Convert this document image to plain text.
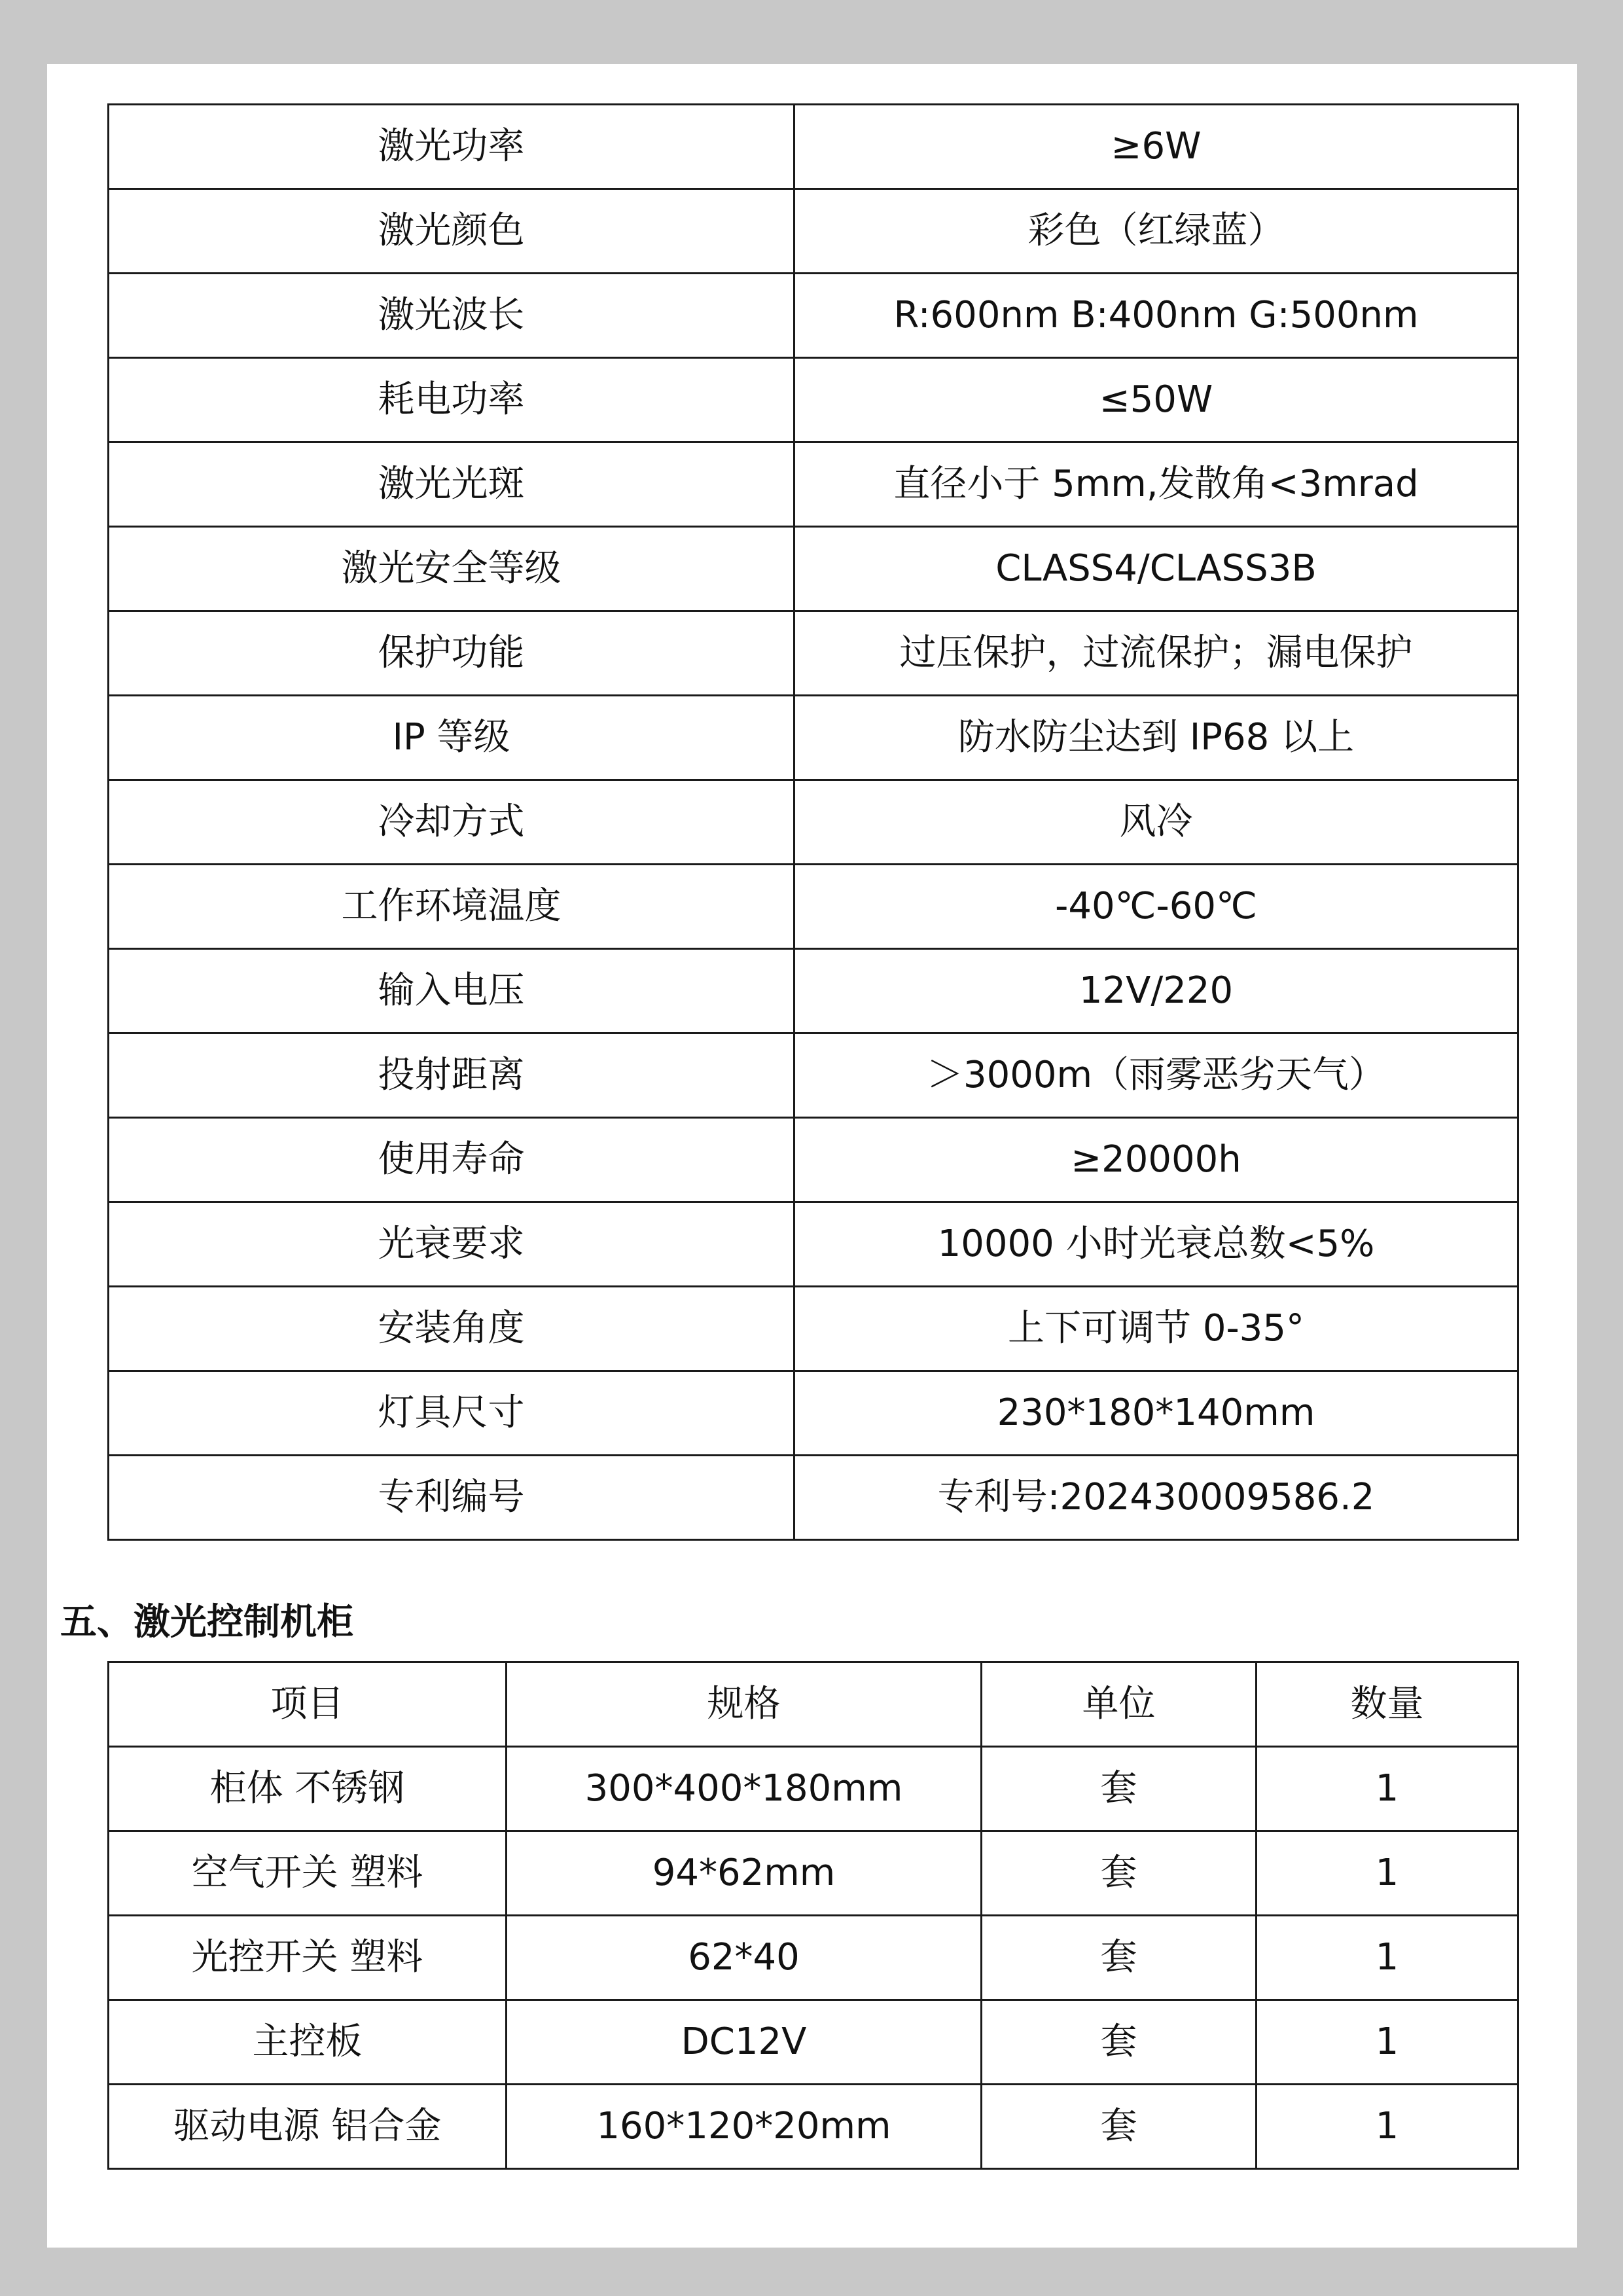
激光功率	≥6W
激光颜色	彩色（红绿蓝）
激光波长	R:600nm B:400nm G:500nm
耗电功率	≤50W
激光光斑	直径小于 5mm,发散角<3mrad
激光安全等级	CLASS4/CLASS3B
保护功能	过压保护，过流保护；漏电保护
IP 等级	防水防尘达到 IP68 以上
冷却方式	风冷
工作环境温度	-40℃-60℃
输入电压	12V/220
投射距离	＞3000m（雨雾恶劣天气）
使用寿命	≥20000h
光衰要求	10000 小时光衰总数<5%
安装角度	上下可调节 0-35°
灯具尺寸	230*180*140mm
专利编号	专利号:202430009586.2
五、激光控制机柜
项目	规格	单位	数量
柜体 不锈钢	300*400*180mm	套	1
空气开关 塑料	94*62mm	套	1
光控开关 塑料	62*40	套	1
主控板	DC12V	套	1
驱动电源 铝合金	160*120*20mm	套	1
